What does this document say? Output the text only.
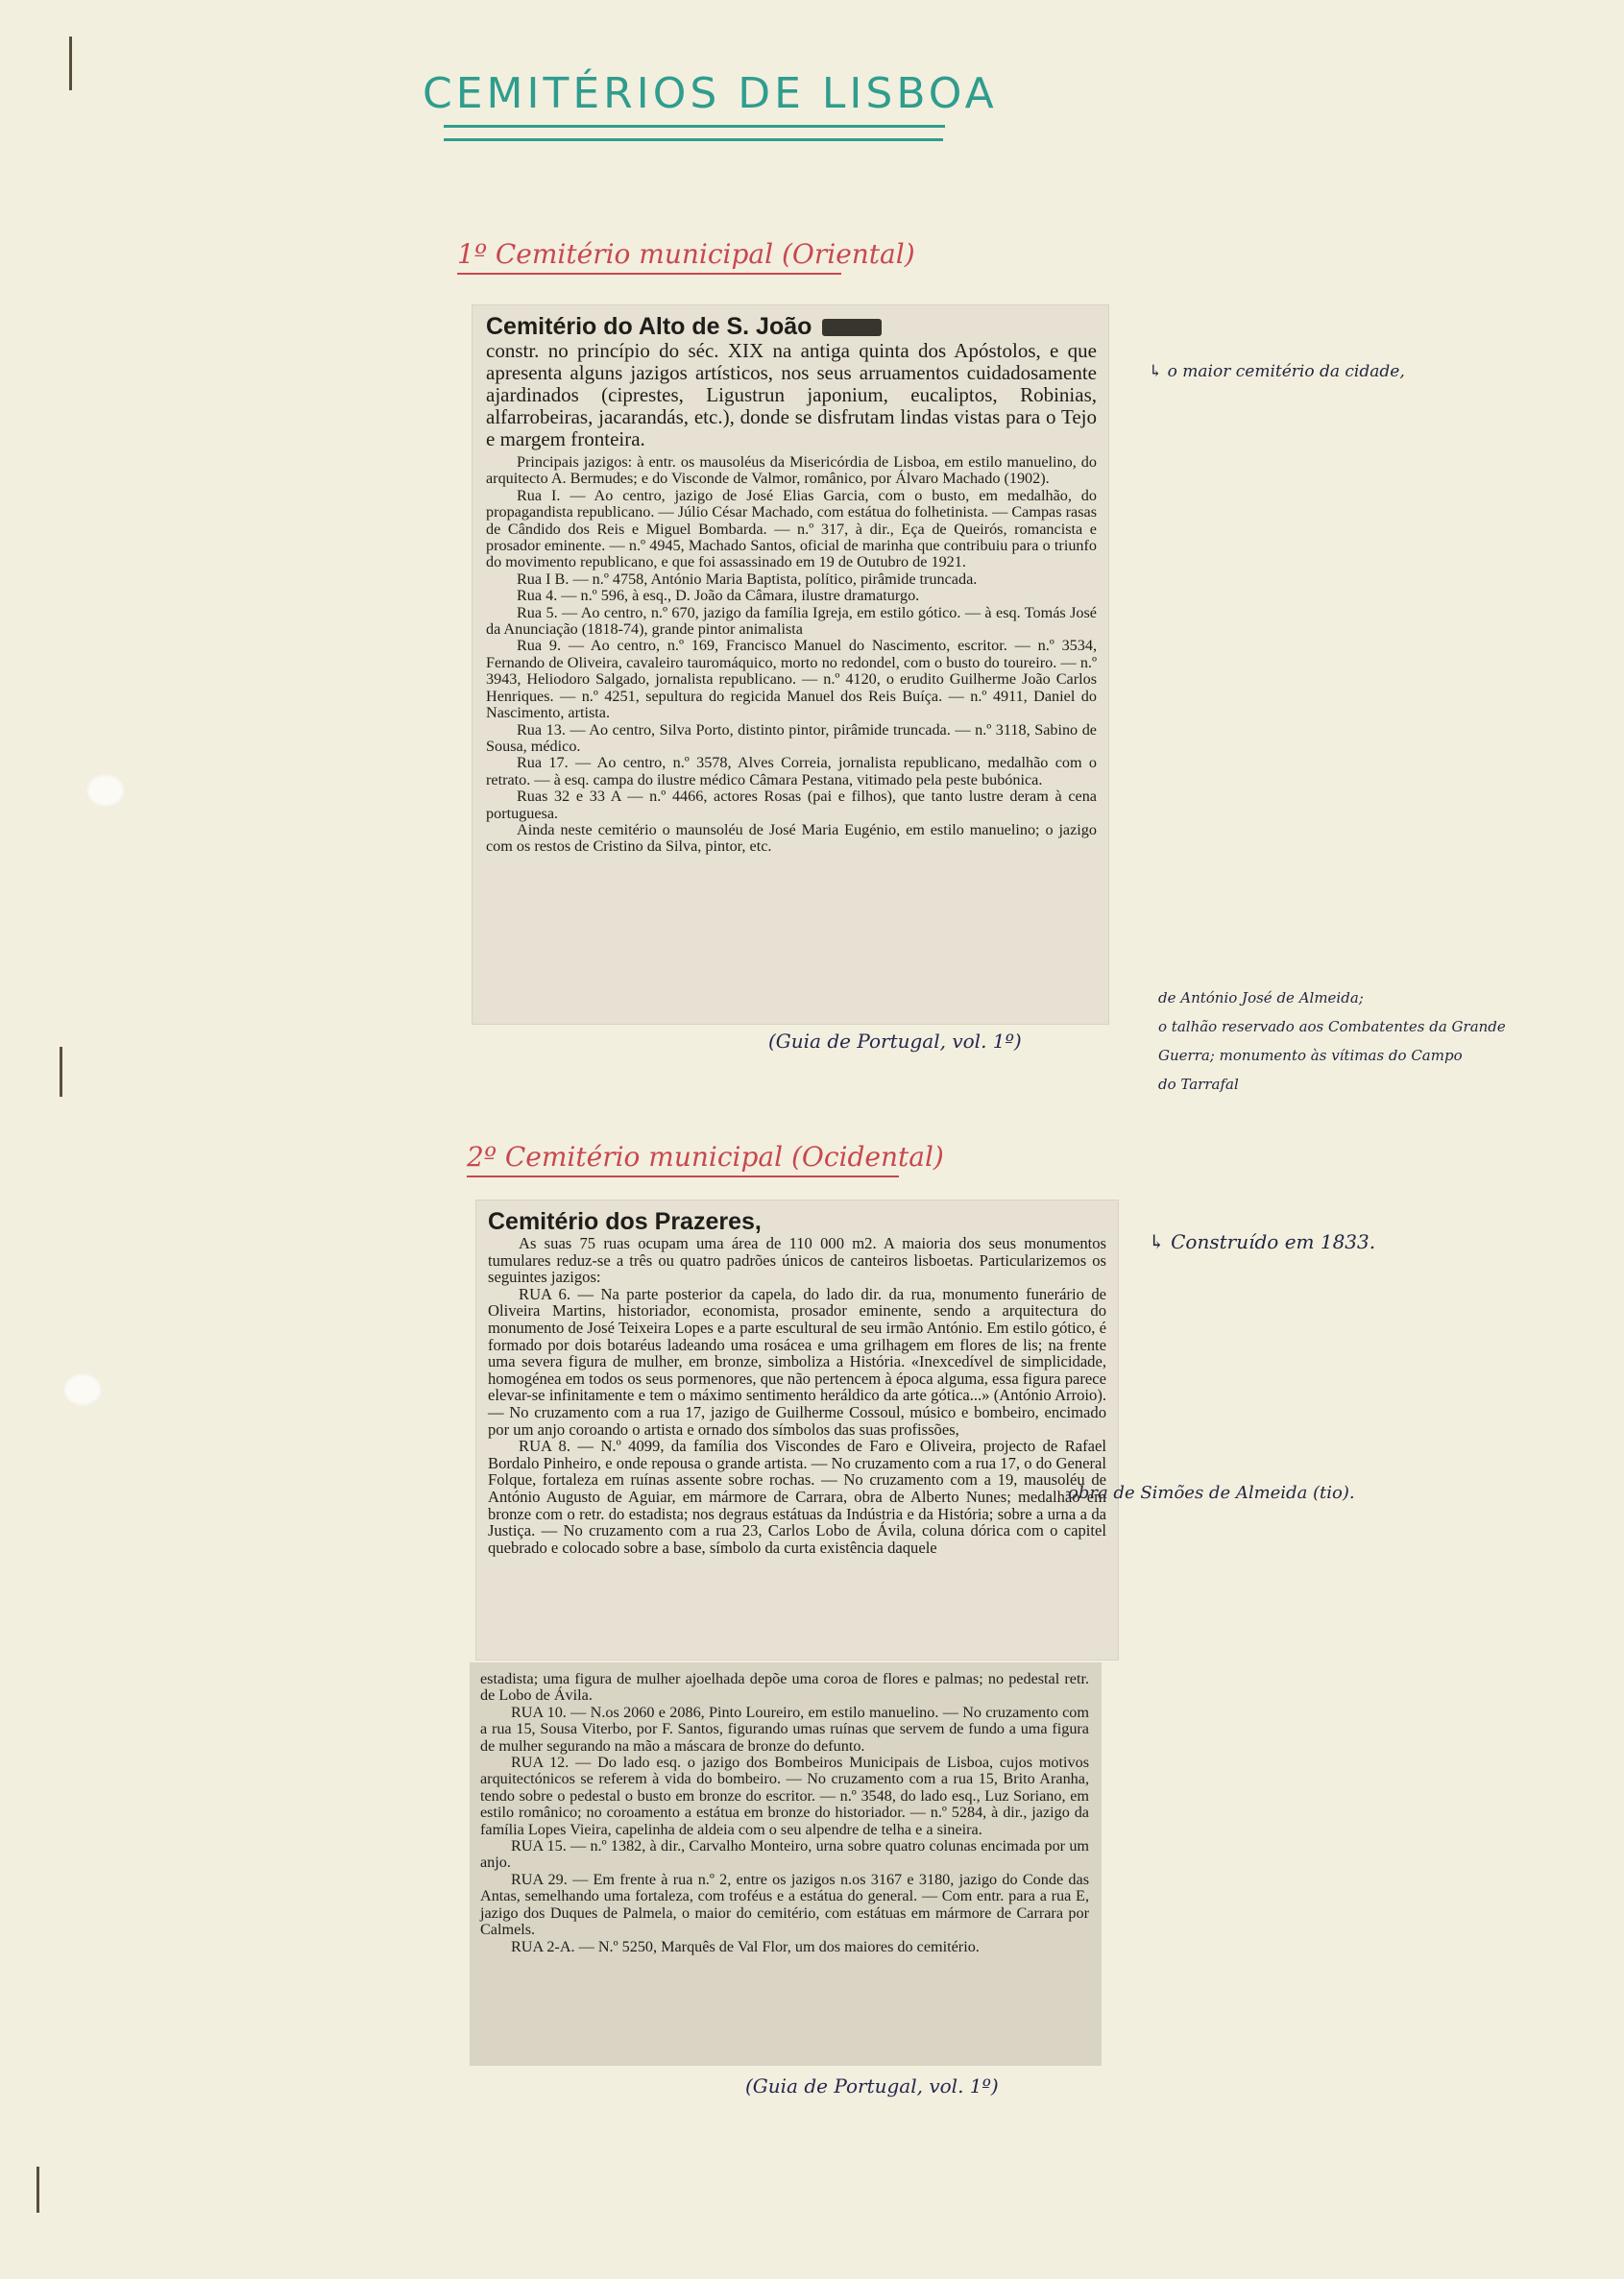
CEMITÉRIOS DE LISBOA
1º Cemitério municipal (Oriental)
Cemitério do Alto de S. João
constr. no princípio do séc. XIX na antiga quinta dos Apóstolos, e que apresenta alguns jazigos artísticos, nos seus arruamentos cuidadosamente ajardinados (ciprestes, Ligustrun japonium, eucaliptos, Robinias, alfarrobeiras, jacarandás, etc.), donde se disfrutam lindas vistas para o Tejo e margem fronteira.

Principais jazigos: à entr. os mausoléus da Misericórdia de Lisboa, em estilo manuelino, do arquitecto A. Bermudes; e do Visconde de Valmor, românico, por Álvaro Machado (1902).

Rua I. — Ao centro, jazigo de José Elias Garcia, com o busto, em medalhão, do propagandista republicano. — Júlio César Machado, com estátua do folhetinista. — Campas rasas de Cândido dos Reis e Miguel Bombarda. — n.º 317, à dir., Eça de Queirós, romancista e prosador eminente. — n.º 4945, Machado Santos, oficial de marinha que contribuiu para o triunfo do movimento republicano, e que foi assassinado em 19 de Outubro de 1921.

Rua I B. — n.º 4758, António Maria Baptista, político, pirâmide truncada.

Rua 4. — n.º 596, à esq., D. João da Câmara, ilustre dramaturgo.

Rua 5. — Ao centro, n.º 670, jazigo da família Igreja, em estilo gótico. — à esq. Tomás José da Anunciação (1818-74), grande pintor animalista

Rua 9. — Ao centro, n.º 169, Francisco Manuel do Nascimento, escritor. — n.º 3534, Fernando de Oliveira, cavaleiro tauromáquico, morto no redondel, com o busto do toureiro. — n.º 3943, Heliodoro Salgado, jornalista republicano. — n.º 4120, o erudito Guilherme João Carlos Henriques. — n.º 4251, sepultura do regicida Manuel dos Reis Buíça. — n.º 4911, Daniel do Nascimento, artista.

Rua 13. — Ao centro, Silva Porto, distinto pintor, pirâmide truncada. — n.º 3118, Sabino de Sousa, médico.

Rua 17. — Ao centro, n.º 3578, Alves Correia, jornalista republicano, medalhão com o retrato. — à esq. campa do ilustre médico Câmara Pestana, vitimado pela peste bubónica.

Ruas 32 e 33 A — n.º 4466, actores Rosas (pai e filhos), que tanto lustre deram à cena portuguesa.

Ainda neste cemitério o maunsoléu de José Maria Eugénio, em estilo manuelino; o jazigo com os restos de Cristino da Silva, pintor, etc.

(Guia de Portugal, vol. 1º)
↳ o maior cemitério da cidade,
de António José de Almeida;
o talhão reservado aos Combatentes da Grande
Guerra; monumento às vítimas do Campo
do Tarrafal
2º Cemitério municipal (Ocidental)
Cemitério dos Prazeres,

As suas 75 ruas ocupam uma área de 110 000 m2. A maioria dos seus monumentos tumulares reduz-se a três ou quatro padrões únicos de canteiros lisboetas. Particularizemos os seguintes jazigos:

RUA 6. — Na parte posterior da capela, do lado dir. da rua, monumento funerário de Oliveira Martins, historiador, economista, prosador eminente, sendo a arquitectura do monumento de José Teixeira Lopes e a parte escultural de seu irmão António. Em estilo gótico, é formado por dois botaréus ladeando uma rosácea e uma grilhagem em flores de lis; na frente uma severa figura de mulher, em bronze, simboliza a História. «Inexcedível de simplicidade, homogénea em todos os seus pormenores, que não pertencem à época alguma, essa figura parece elevar-se infinitamente e tem o máximo sentimento heráldico da arte gótica...» (António Arroio). — No cruzamento com a rua 17, jazigo de Guilherme Cossoul, músico e bombeiro, encimado por um anjo coroando o artista e ornado dos símbolos das suas profissões,

RUA 8. — N.º 4099, da família dos Viscondes de Faro e Oliveira, projecto de Rafael Bordalo Pinheiro, e onde repousa o grande artista. — No cruzamento com a rua 17, o do General Folque, fortaleza em ruínas assente sobre rochas. — No cruzamento com a 19, mausoléu de António Augusto de Aguiar, em mármore de Carrara, obra de Alberto Nunes; medalhão em bronze com o retr. do estadista; nos degraus estátuas da Indústria e da História; sobre a urna a da Justiça. — No cruzamento com a rua 23, Carlos Lobo de Ávila, coluna dórica com o capitel quebrado e colocado sobre a base, símbolo da curta existência daquele

estadista; uma figura de mulher ajoelhada depõe uma coroa de flores e palmas; no pedestal retr. de Lobo de Ávila.

RUA 10. — N.os 2060 e 2086, Pinto Loureiro, em estilo manuelino. — No cruzamento com a rua 15, Sousa Viterbo, por F. Santos, figurando umas ruínas que servem de fundo a uma figura de mulher segurando na mão a máscara de bronze do defunto.

RUA 12. — Do lado esq. o jazigo dos Bombeiros Municipais de Lisboa, cujos motivos arquitectónicos se referem à vida do bombeiro. — No cruzamento com a rua 15, Brito Aranha, tendo sobre o pedestal o busto em bronze do escritor. — n.º 3548, do lado esq., Luz Soriano, em estilo românico; no coroamento a estátua em bronze do historiador. — n.º 5284, à dir., jazigo da família Lopes Vieira, capelinha de aldeia com o seu alpendre de telha e a sineira.

RUA 15. — n.º 1382, à dir., Carvalho Monteiro, urna sobre quatro colunas encimada por um anjo.

RUA 29. — Em frente à rua n.º 2, entre os jazigos n.os 3167 e 3180, jazigo do Conde das Antas, semelhando uma fortaleza, com troféus e a estátua do general. — Com entr. para a rua E, jazigo dos Duques de Palmela, o maior do cemitério, com estátuas em mármore de Carrara por Calmels.

RUA 2-A. — N.º 5250, Marquês de Val Flor, um dos maiores do cemitério.

obra de Simões de Almeida (tio).
↳ Construído em 1833.
(Guia de Portugal, vol. 1º)
